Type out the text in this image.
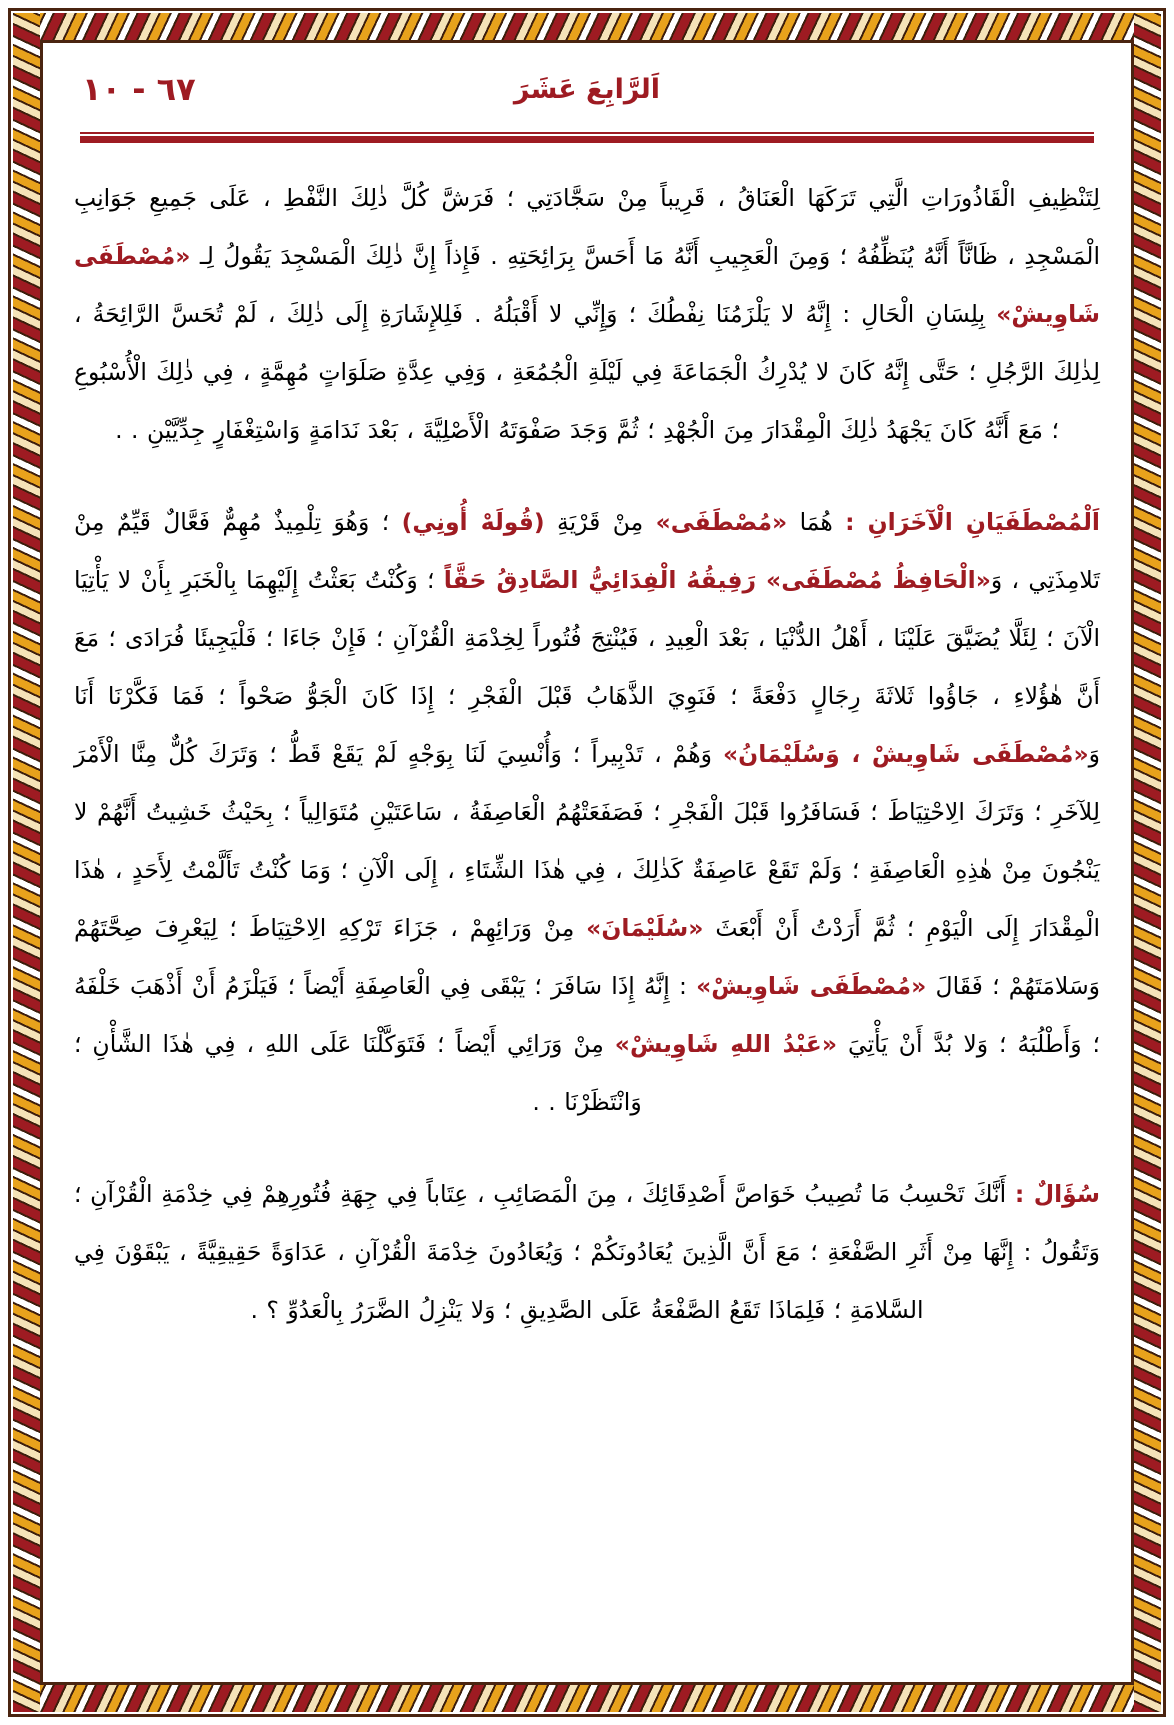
٦٧ - ١٠	اَلرَّابِعَ عَشَرَ
لِتَنْظِيفِ الْقَاذُورَاتِ الَّتِي تَرَكَهَا الْعَنَاقُ ، قَرِيباً مِنْ سَجَّادَتِي ؛ فَرَشَّ كُلَّ ذٰلِكَ النَّفْطِ ، عَلَى جَمِيعِ جَوَانِبِ الْمَسْجِدِ ، ظَانَّاً أَنَّهُ يُنَظِّفُهُ ؛ وَمِنَ الْعَجِيبِ أَنَّهُ مَا أَحَسَّ بِرَائِحَتِهِ . فَإِذاً إِنَّ ذٰلِكَ الْمَسْجِدَ يَقُولُ لِـ «مُصْطَفَى شَاوِيشْ» بِلِسَانِ الْحَالِ : إِنَّهُ لا يَلْزَمُنَا نِفْطُكَ ؛ وَإِنِّي لا أَقْبَلُهُ . فَلِلإِشَارَةِ إِلَى ذٰلِكَ ، لَمْ تُحَسَّ الرَّائِحَةُ ، لِذٰلِكَ الرَّجُلِ ؛ حَتَّى إِنَّهُ كَانَ لا يُدْرِكُ الْجَمَاعَةَ فِي لَيْلَةِ الْجُمُعَةِ ، وَفِي عِدَّةِ صَلَوَاتٍ مُهِمَّةٍ ، فِي ذٰلِكَ الْأُسْبُوعِ ؛ مَعَ أَنَّهُ كَانَ يَجْهَدُ ذٰلِكَ الْمِقْدَارَ مِنَ الْجُهْدِ ؛ ثُمَّ وَجَدَ صَفْوَتَهُ الْأَصْلِيَّةَ ، بَعْدَ نَدَامَةٍ وَاسْتِغْفَارٍ جِدِّيَّيْنِ . .
اَلْمُصْطَفَيَانِ الْآخَرَانِ : هُمَا «مُصْطَفَى» مِنْ قَرْيَةِ (قُولَهْ أُونِي) ؛ وَهُوَ تِلْمِيذٌ مُهِمٌّ فَعَّالٌ قَيِّمٌ مِنْ تَلامِذَتِي ، وَ«الْحَافِظُ مُصْطَفَى» رَفِيقُهُ الْفِدَائِيُّ الصَّادِقُ حَقَّاً ؛ وَكُنْتُ بَعَثْتُ إِلَيْهِمَا بِالْخَبَرِ بِأَنْ لا يَأْتِيَا الْآنَ ؛ لِئَلَّا يُضَيَّقَ عَلَيْنَا ، أَهْلُ الدُّنْيَا ، بَعْدَ الْعِيدِ ، فَيُنْتِجَ فُتُوراً لِخِدْمَةِ الْقُرْآنِ ؛ فَإِنْ جَاءَا ؛ فَلْيَجِيئَا فُرَادَى ؛ مَعَ أَنَّ هٰؤُلاءِ ، جَاؤُوا ثَلاثَةَ رِجَالٍ دَفْعَةً ؛ فَنَوِيَ الذَّهَابُ قَبْلَ الْفَجْرِ ؛ إِذَا كَانَ الْجَوُّ صَحْواً ؛ فَمَا فَكَّرْنَا أَنَا وَ«مُصْطَفَى شَاوِيشْ ، وَسُلَيْمَانُ» وَهُمْ ، تَدْبِيراً ؛ وَأُنْسِيَ لَنَا بِوَجْهٍ لَمْ يَقَعْ قَطُّ ؛ وَتَرَكَ كُلٌّ مِنَّا الْأَمْرَ لِلآخَرِ ؛ وَتَرَكَ الِاحْتِيَاطَ ؛ فَسَافَرُوا قَبْلَ الْفَجْرِ ؛ فَصَفَعَتْهُمُ الْعَاصِفَةُ ، سَاعَتَيْنِ مُتَوَالِياً ؛ بِحَيْثُ خَشِيتُ أَنَّهُمْ لا يَنْجُونَ مِنْ هٰذِهِ الْعَاصِفَةِ ؛ وَلَمْ تَقَعْ عَاصِفَةٌ كَذٰلِكَ ، فِي هٰذَا الشِّتَاءِ ، إِلَى الْآنِ ؛ وَمَا كُنْتُ تَأَلَّمْتُ لِأَحَدٍ ، هٰذَا الْمِقْدَارَ إِلَى الْيَوْمِ ؛ ثُمَّ أَرَدْتُ أَنْ أَبْعَثَ «سُلَيْمَانَ» مِنْ وَرَائِهِمْ ، جَزَاءَ تَرْكِهِ الِاحْتِيَاطَ ؛ لِيَعْرِفَ صِحَّتَهُمْ وَسَلامَتَهُمْ ؛ فَقَالَ «مُصْطَفَى شَاوِيشْ» : إِنَّهُ إِذَا سَافَرَ ؛ يَبْقَى فِي الْعَاصِفَةِ أَيْضاً ؛ فَيَلْزَمُ أَنْ أَذْهَبَ خَلْفَهُ ؛ وَأَطْلُبَهُ ؛ وَلا بُدَّ أَنْ يَأْتِيَ «عَبْدُ اللهِ شَاوِيشْ» مِنْ وَرَائِي أَيْضاً ؛ فَتَوَكَّلْنَا عَلَى اللهِ ، فِي هٰذَا الشَّأْنِ ؛ وَانْتَظَرْنَا . .
سُؤَالٌ : أَنَّكَ تَحْسِبُ مَا تُصِيبُ خَوَاصَّ أَصْدِقَائِكَ ، مِنَ الْمَصَائِبِ ، عِتَاباً فِي جِهَةِ فُتُورِهِمْ فِي خِدْمَةِ الْقُرْآنِ ؛ وَتَقُولُ : إِنَّهَا مِنْ أَثَرِ الصَّفْعَةِ ؛ مَعَ أَنَّ الَّذِينَ يُعَادُونَكُمْ ؛ وَيُعَادُونَ خِدْمَةَ الْقُرْآنِ ، عَدَاوَةً حَقِيقِيَّةً ، يَبْقَوْنَ فِي السَّلامَةِ ؛ فَلِمَاذَا تَقَعُ الصَّفْعَةُ عَلَى الصَّدِيقِ ؛ وَلا يَنْزِلُ الضَّرَرُ بِالْعَدُوِّ ؟ .
